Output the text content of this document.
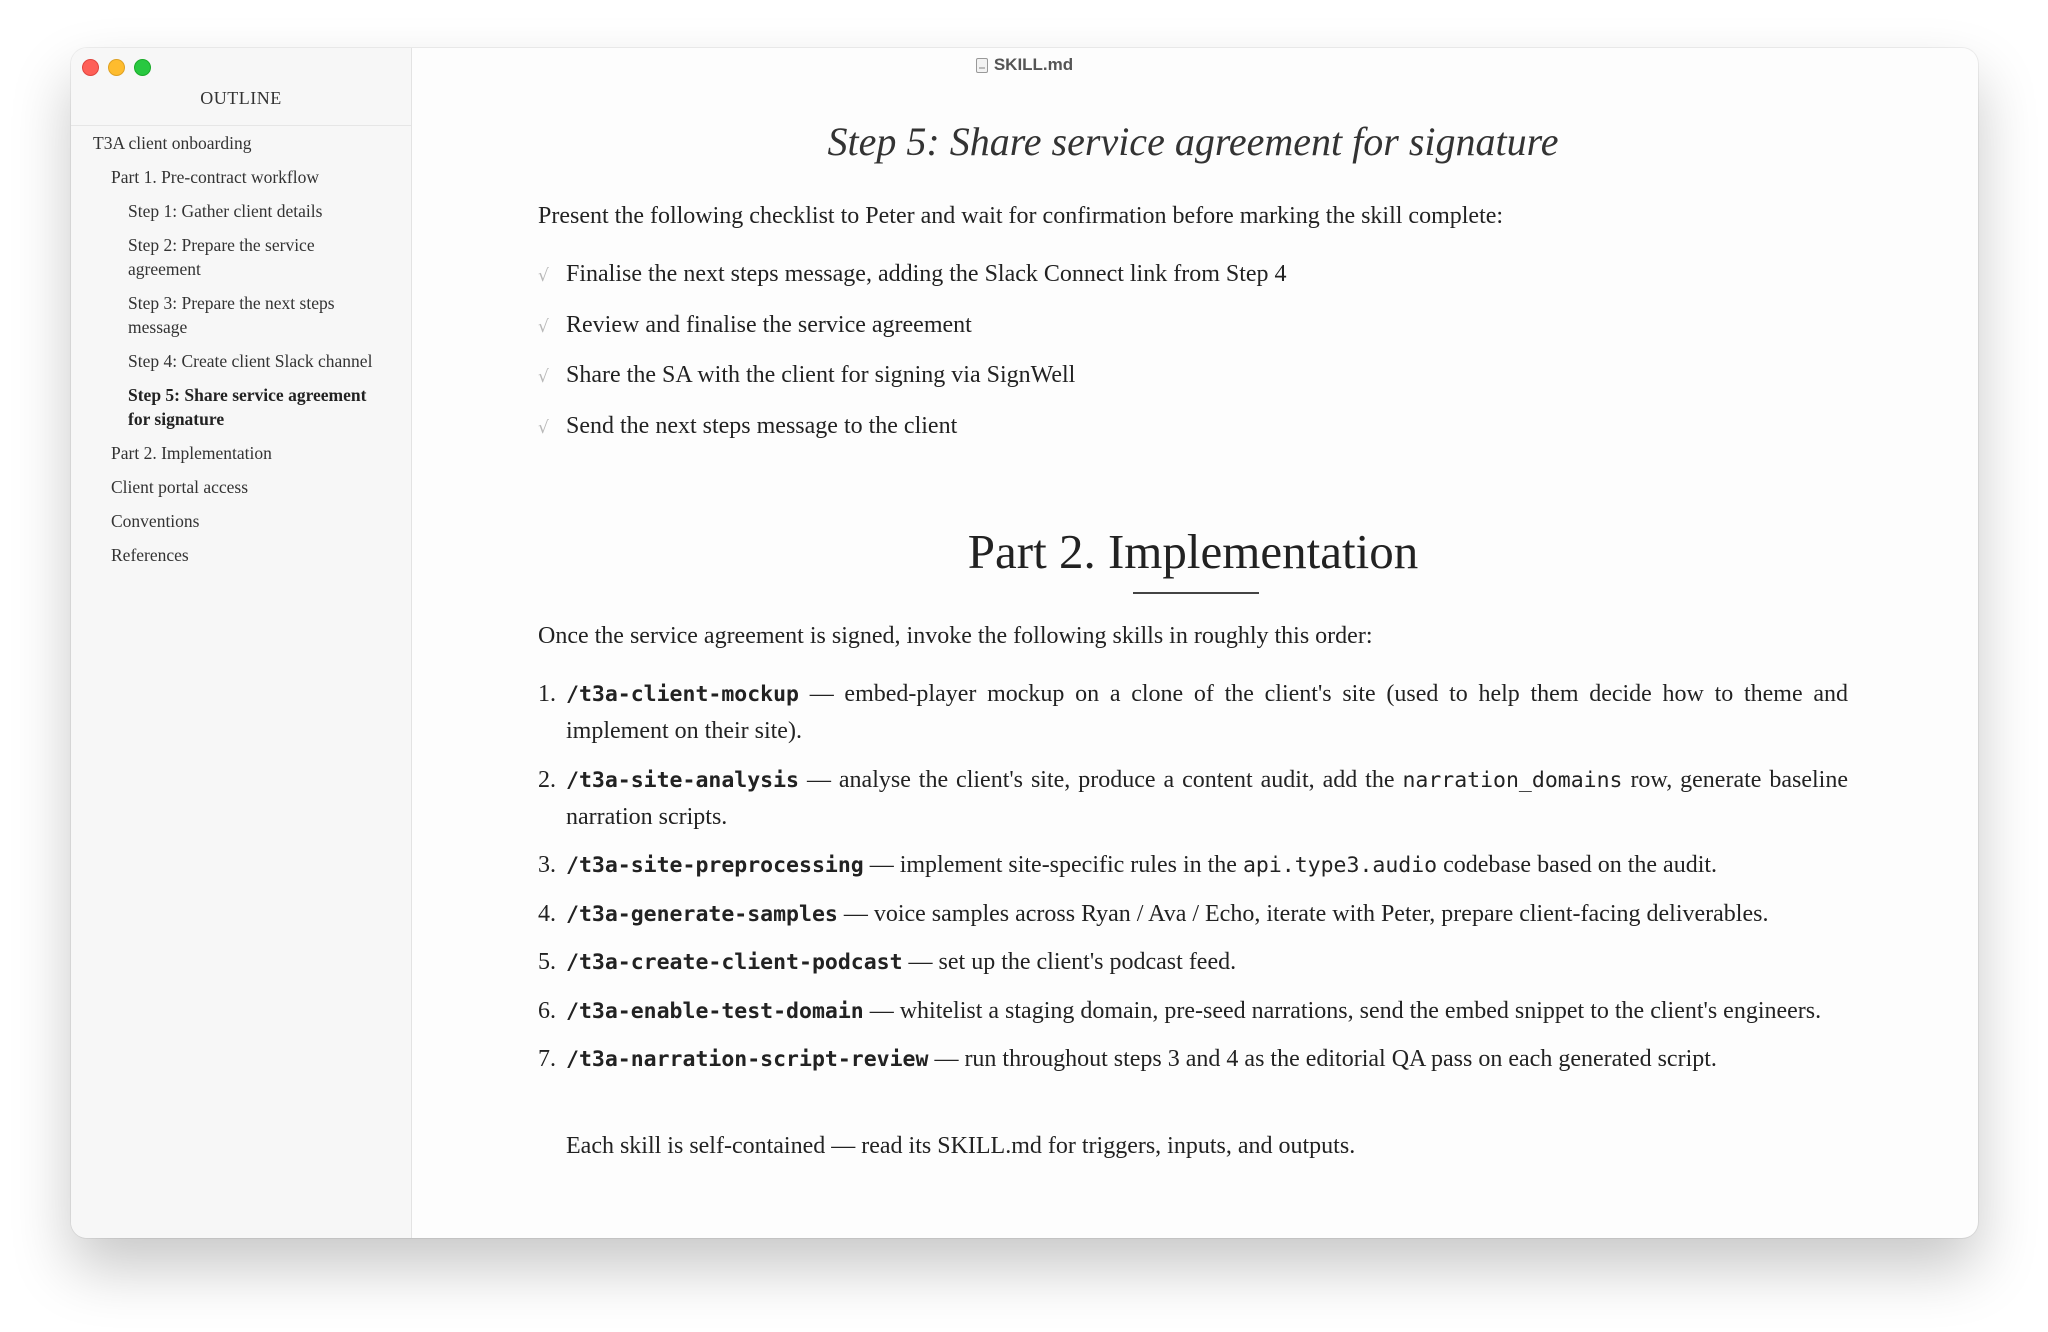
SKILL.md
OUTLINE
T3A client onboarding
Part 1. Pre-contract workflow
Step 1: Gather client details
Step 2: Prepare the service agreement
Step 3: Prepare the next steps message
Step 4: Create client Slack channel
Step 5: Share service agreement for signature
Part 2. Implementation
Client portal access
Conventions
References
Step 5: Share service agreement for signature

Present the following checklist to Peter and wait for confirmation before marking the skill complete:

√ Finalise the next steps message, adding the Slack Connect link from Step 4
√ Review and finalise the service agreement
√ Share the SA with the client for signing via SignWell
√ Send the next steps message to the client
Part 2. Implementation

Once the service agreement is signed, invoke the following skills in roughly this order:

1. /t3a-client-mockup — embed-player mockup on a clone of the client's site (used to help them decide how to theme and implement on their site).
2. /t3a-site-analysis — analyse the client's site, produce a content audit, add the narration_domains row, generate baseline narration scripts.
3. /t3a-site-preprocessing — implement site-specific rules in the api.type3.audio codebase based on the audit.
4. /t3a-generate-samples — voice samples across Ryan / Ava / Echo, iterate with Peter, prepare client-facing deliverables.
5. /t3a-create-client-podcast — set up the client's podcast feed.
6. /t3a-enable-test-domain — whitelist a staging domain, pre-seed narrations, send the embed snippet to the client's engineers.
7. /t3a-narration-script-review — run throughout steps 3 and 4 as the editorial QA pass on each generated script.

Each skill is self-contained — read its SKILL.md for triggers, inputs, and outputs.
